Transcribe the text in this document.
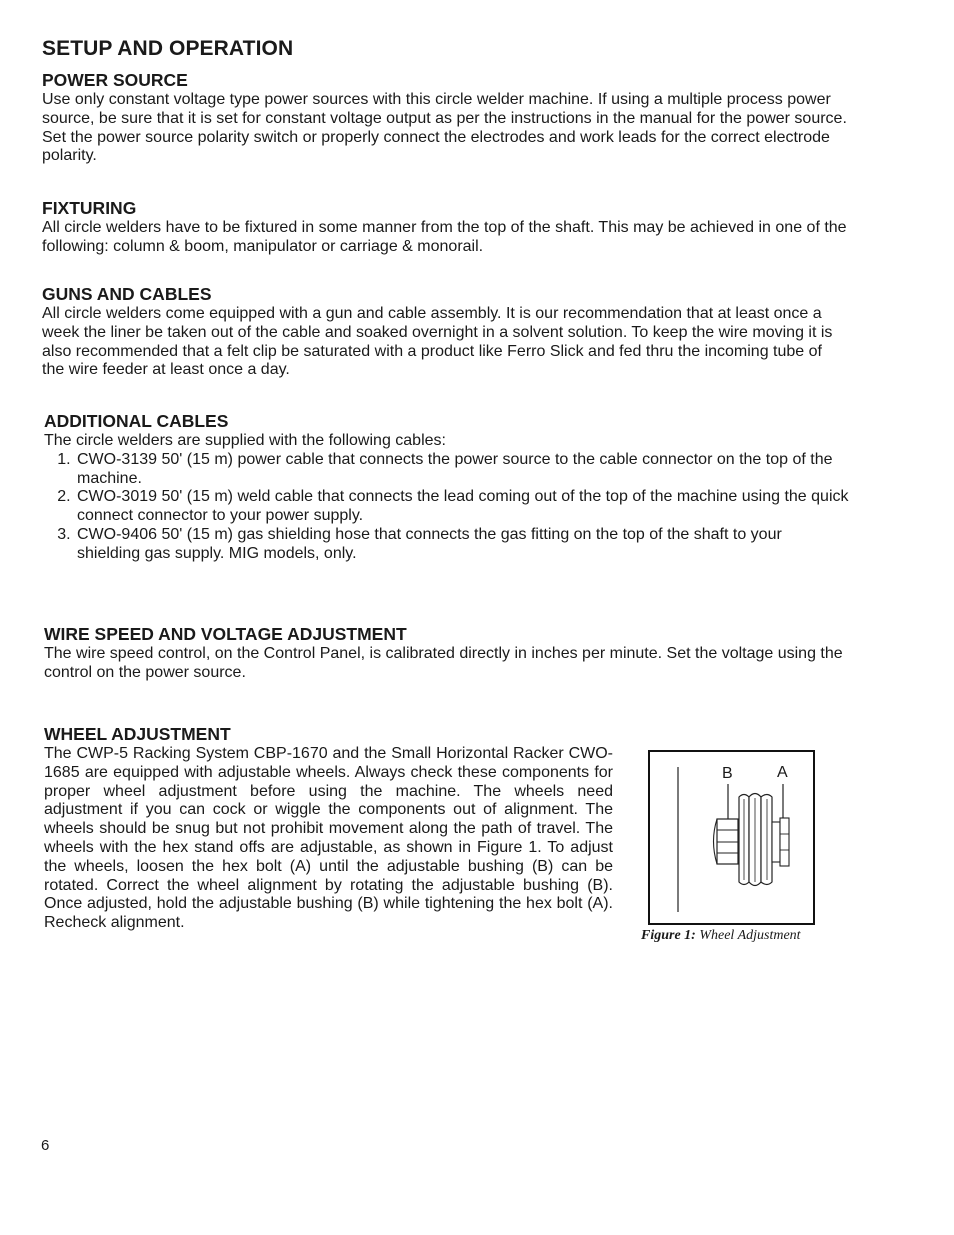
SETUP AND OPERATION
POWER SOURCE

Use only constant voltage type power sources with this circle welder machine. If using a multiple process power source, be sure that it is set for constant voltage output as per the instructions in the manual for the power source. Set the power source polarity switch or properly connect the electrodes and work leads for the correct electrode polarity.

FIXTURING

All circle welders have to be fixtured in some manner from the top of the shaft. This may be achieved in one of the following: column & boom, manipulator or carriage & monorail.

GUNS AND CABLES

All circle welders come equipped with a gun and cable assembly. It is our recommendation that at least once a week the liner be taken out of the cable and soaked overnight in a solvent solution. To keep the wire moving it is also recommended that a felt clip be saturated with a product like Ferro Slick and fed thru the incoming tube of the wire feeder at least once a day.

ADDITIONAL CABLES

The circle welders are supplied with the following cables:

1. CWO-3139 50' (15 m) power cable that connects the power source to the cable connector on the top of the machine.
2. CWO-3019 50' (15 m) weld cable that connects the lead coming out of the top of the machine using the quick connect connector to your power supply.
3. CWO-9406 50' (15 m) gas shielding hose that connects the gas fitting on the top of the shaft to your shielding gas supply. MIG models, only.
WIRE SPEED AND VOLTAGE ADJUSTMENT

The wire speed control, on the Control Panel, is calibrated directly in inches per minute. Set the voltage using the control on the power source.

WHEEL ADJUSTMENT

The CWP-5 Racking System CBP-1670 and the Small Horizontal Racker CWO-1685 are equipped with adjustable wheels. Always check these components for proper wheel adjustment before using the machine. The wheels need adjustment if you can cock or wiggle the components out of alignment. The wheels should be snug but not prohibit movement along the path of travel. The wheels with the hex stand offs are adjustable, as shown in Figure 1. To adjust the wheels, loosen the hex bolt (A) until the adjustable bushing (B) can be rotated. Correct the wheel alignment by rotating the adjustable bushing (B). Once adjusted, hold the adjustable bushing (B) while tightening the hex bolt (A). Recheck alignment.

B	A
Figure 1: Wheel Adjustment
6
